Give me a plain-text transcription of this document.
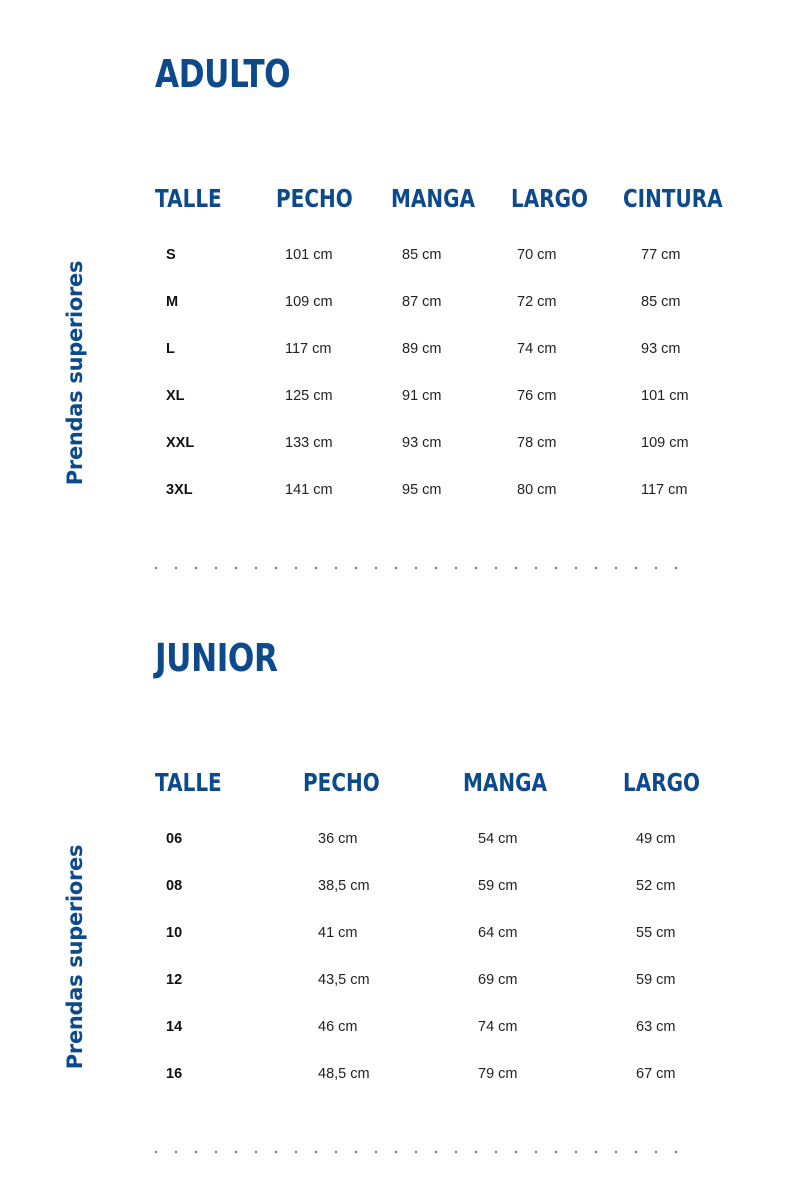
ADULTO
Prendas superiores
TALLE PECHO MANGA LARGO CINTURA
S	101 cm	85 cm	70 cm	77 cm
M	109 cm	87 cm	72 cm	85 cm
L	117 cm	89 cm	74 cm	93 cm
XL	125 cm	91 cm	76 cm	101 cm
XXL	133 cm	93 cm	78 cm	109 cm
3XL	141 cm	95 cm	80 cm	117 cm
JUNIOR
Prendas superiores
TALLE	PECHO	MANGA	LARGO
06	36 cm	54 cm	49 cm
08	38,5 cm	59 cm	52 cm
10	41 cm	64 cm	55 cm
12	43,5 cm	69 cm	59 cm
14	46 cm	74 cm	63 cm
16	48,5 cm	79 cm	67 cm
